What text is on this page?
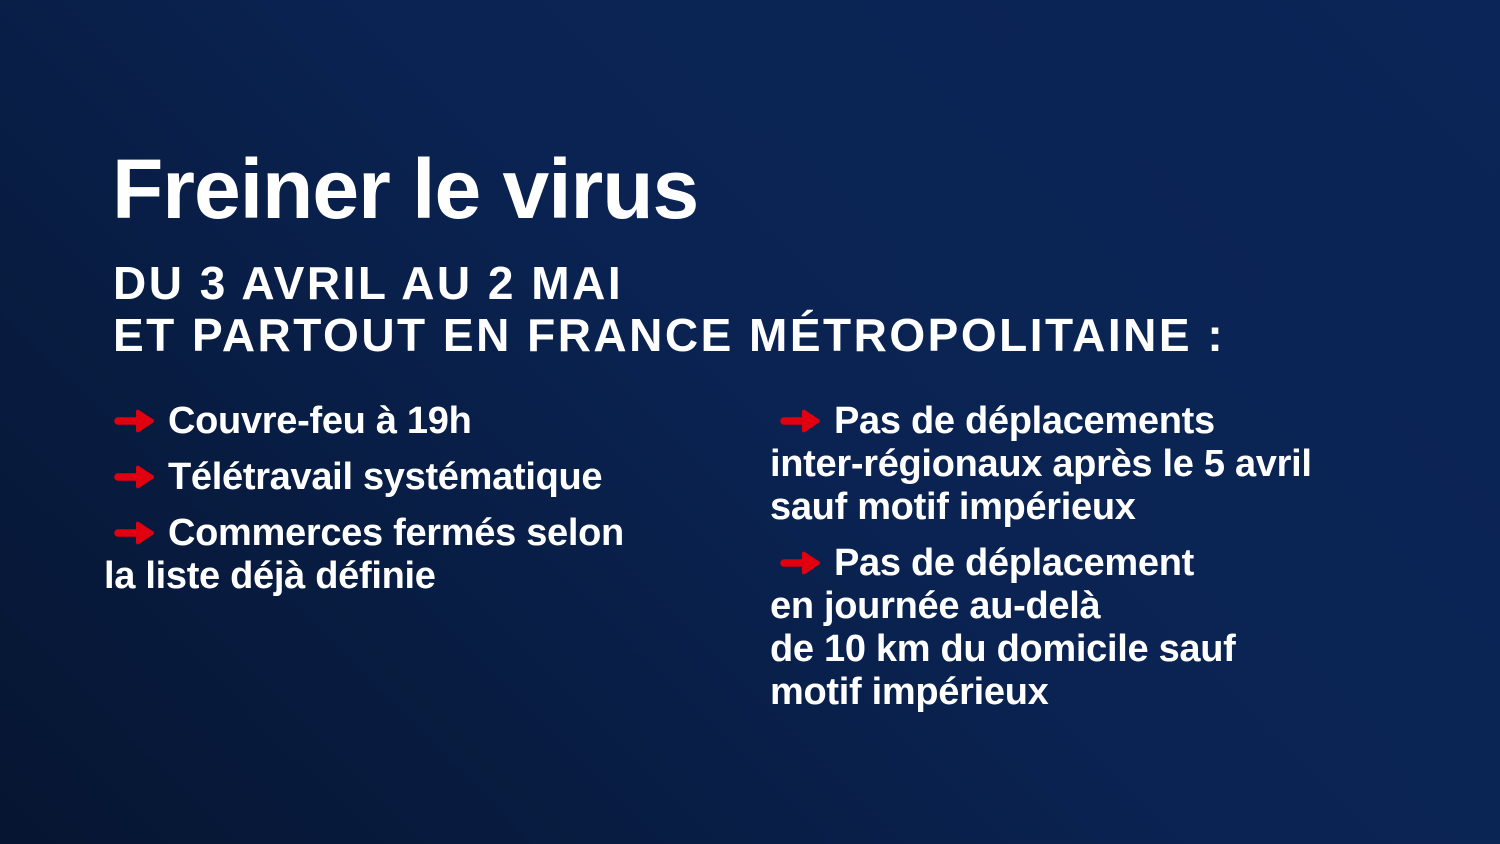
Freiner le virus
DU 3 AVRIL AU 2 MAI
ET PARTOUT EN FRANCE MÉTROPOLITAINE :

Couvre-feu à 19h

Télétravail systématique

Commerces fermés selon
la liste déjà définie

Pas de déplacements
inter-régionaux après le 5 avril
sauf motif impérieux

Pas de déplacement
en journée au-delà
de 10 km du domicile sauf
motif impérieux
